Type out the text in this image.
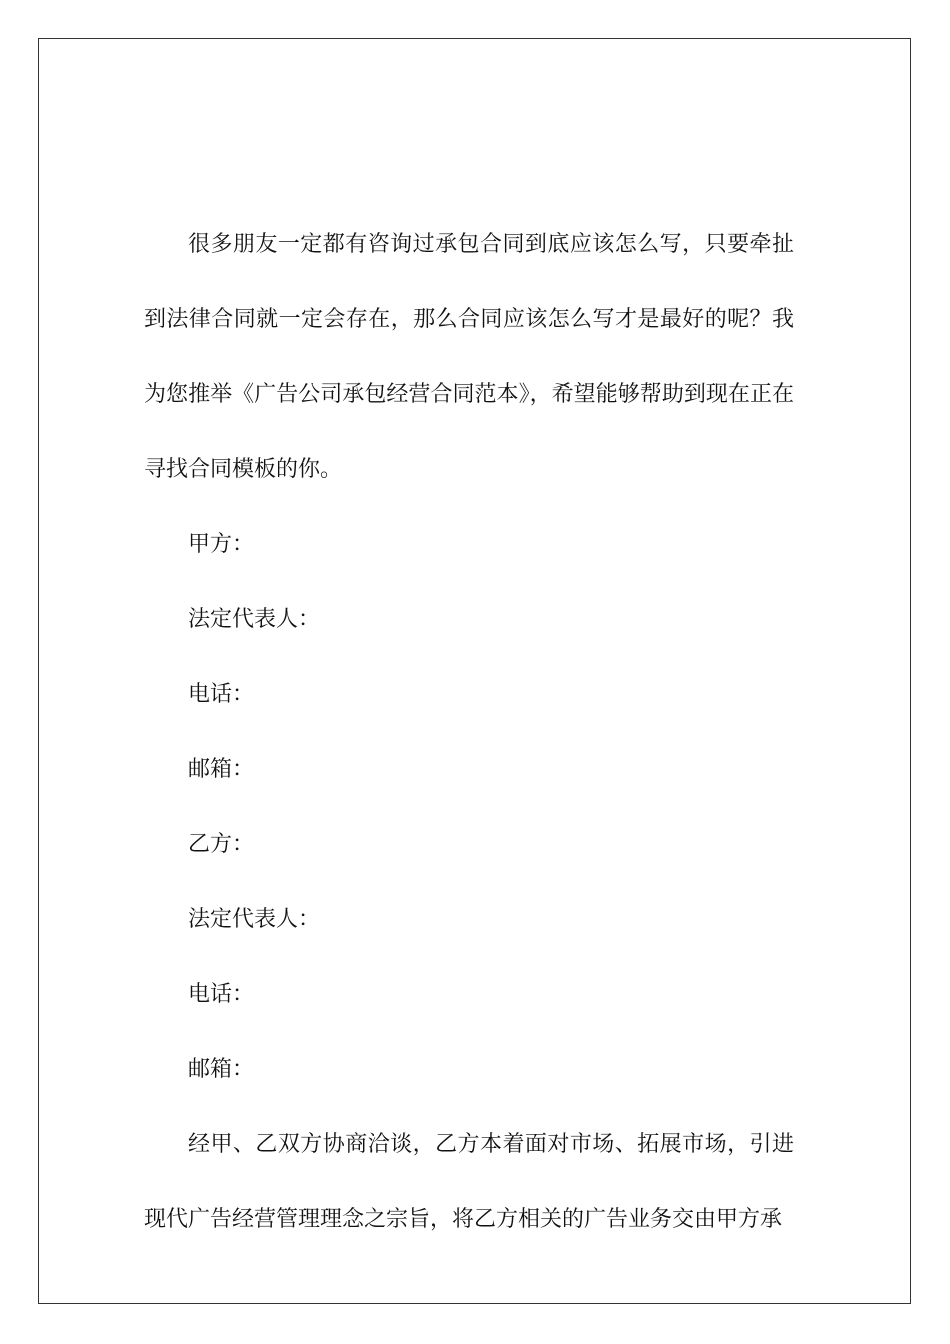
很多朋友一定都有咨询过承包合同到底应该怎么写，只要牵扯到法律合同就一定会存在，那么合同应该怎么写才是最好的呢？我为您推举《广告公司承包经营合同范本》，希望能够帮助到现在正在寻找合同模板的你。

甲方：

法定代表人：

电话：

邮箱：

乙方：

法定代表人：

电话：

邮箱：

经甲、乙双方协商洽谈，乙方本着面对市场、拓展市场，引进现代广告经营管理理念之宗旨，将乙方相关的广告业务交由甲方承
